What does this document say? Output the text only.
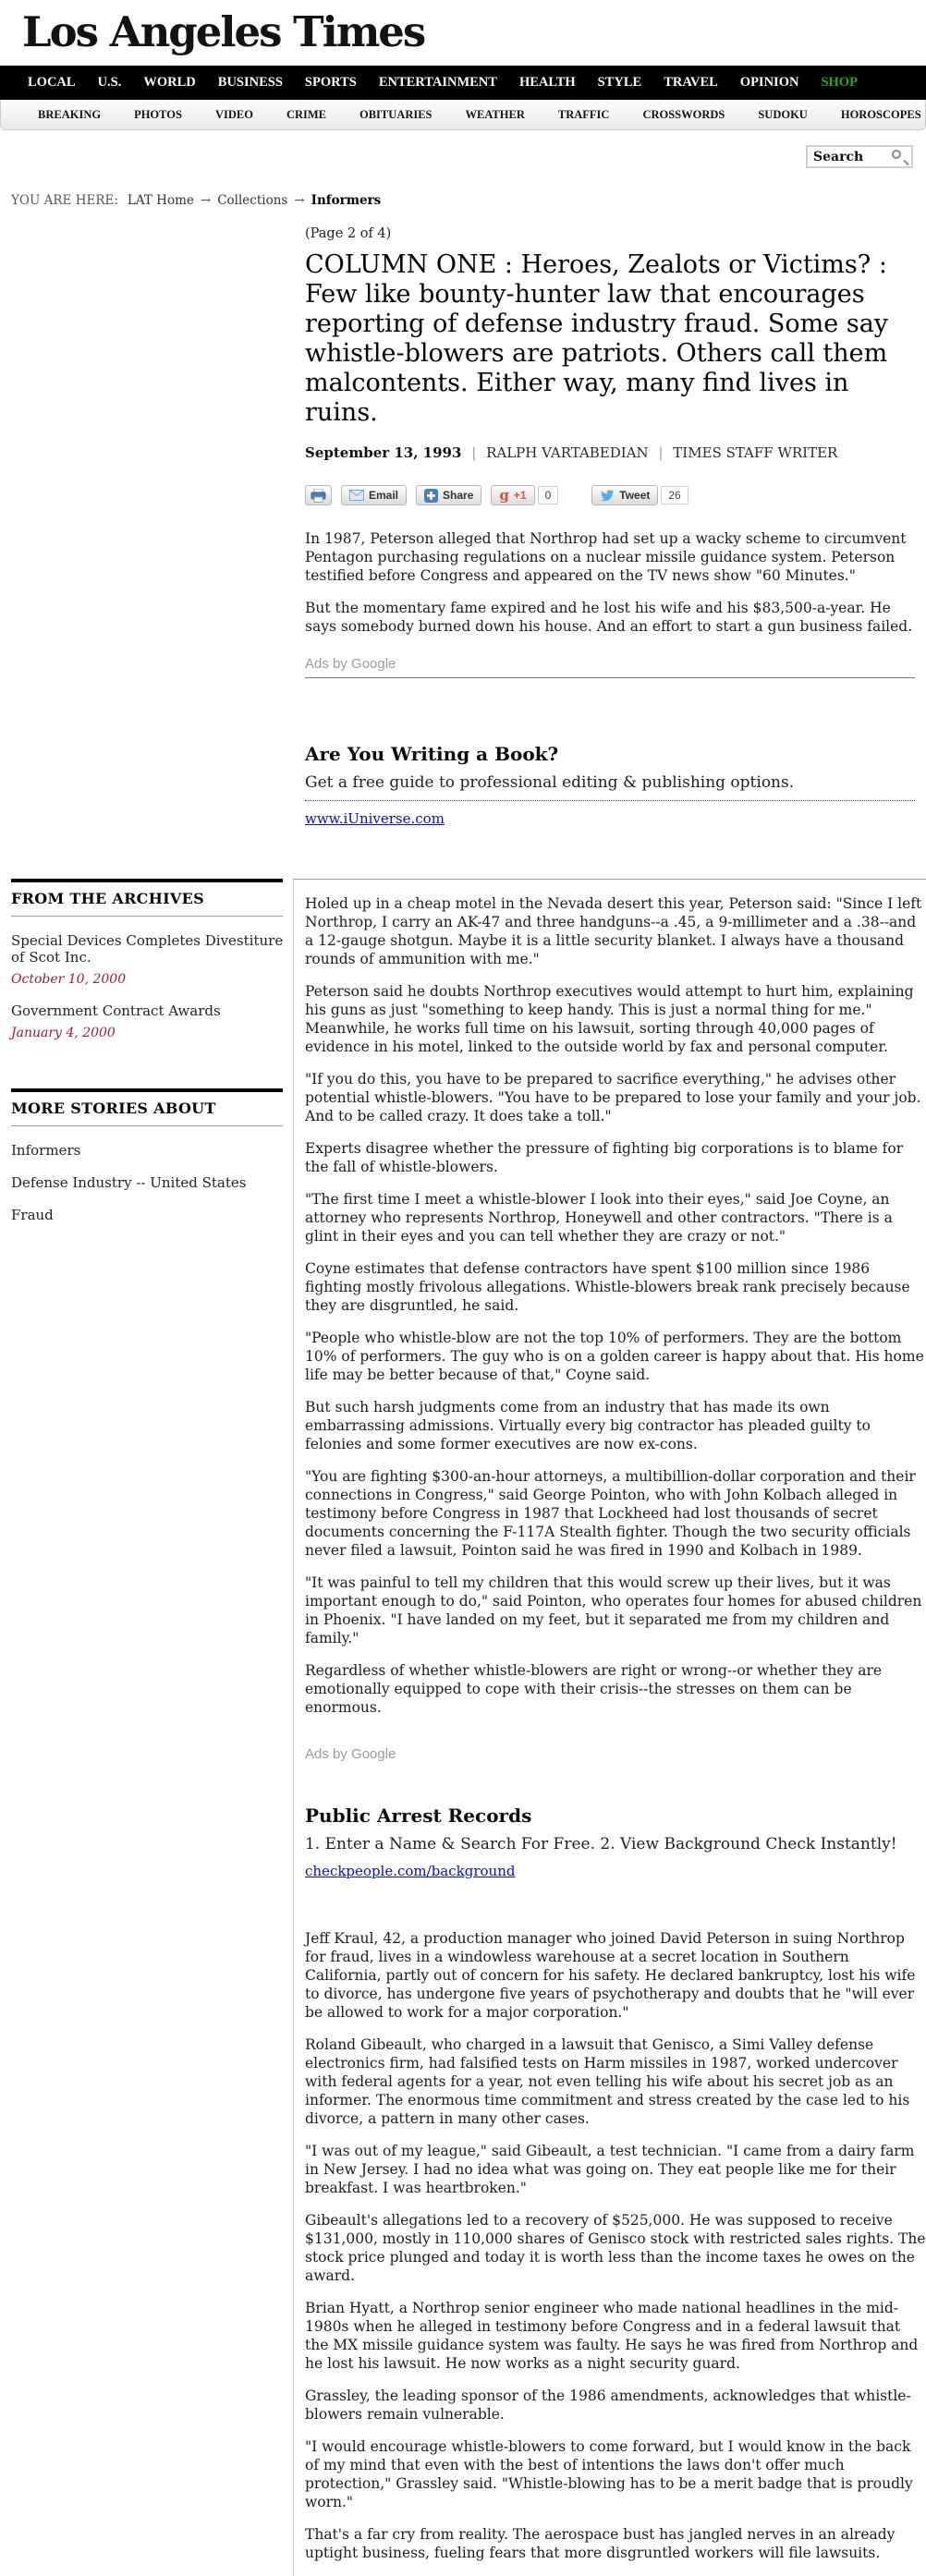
Los Angeles Times
LOCAL U.S. WORLD BUSINESS SPORTS ENTERTAINMENT HEALTH STYLE TRAVEL OPINION SHOP
BREAKING	PHOTOS	VIDEO	CRIME	OBITUARIES	WEATHER	TRAFFIC	CROSSWORDS	SUDOKU	HOROSCOPES
Search
YOU ARE HERE: LAT Home → Collections → Informers
(Page 2 of 4)
COLUMN ONE : Heroes, Zealots or Victims? : Few like bounty-hunter law that encourages reporting of defense industry fraud. Some say whistle-blowers are patriots. Others call them malcontents. Either way, many find lives in ruins.
September 13, 1993 | RALPH VARTABEDIAN | TIMES STAFF WRITER
Email	Share g +1	0	Tweet	26

In 1987, Peterson alleged that Northrop had set up a wacky scheme to circumvent Pentagon purchasing regulations on a nuclear missile guidance system. Peterson testified before Congress and appeared on the TV news show "60 Minutes."

But the momentary fame expired and he lost his wife and his $83,500-a-year. He says somebody burned down his house. And an effort to start a gun business failed.

Ads by Google
Are You Writing a Book?
Get a free guide to professional editing & publishing options.
www.iUniverse.com
FROM THE ARCHIVES
Special Devices Completes Divestiture of Scot Inc.
October 10, 2000
Government Contract Awards
January 4, 2000
MORE STORIES ABOUT
Informers
Defense Industry -- United States
Fraud

Holed up in a cheap motel in the Nevada desert this year, Peterson said: "Since I left Northrop, I carry an AK-47 and three handguns--a .45, a 9-millimeter and a .38--and a 12-gauge shotgun. Maybe it is a little security blanket. I always have a thousand rounds of ammunition with me."

Peterson said he doubts Northrop executives would attempt to hurt him, explaining his guns as just "something to keep handy. This is just a normal thing for me." Meanwhile, he works full time on his lawsuit, sorting through 40,000 pages of evidence in his motel, linked to the outside world by fax and personal computer.

"If you do this, you have to be prepared to sacrifice everything," he advises other potential whistle-blowers. "You have to be prepared to lose your family and your job. And to be called crazy. It does take a toll."

Experts disagree whether the pressure of fighting big corporations is to blame for the fall of whistle-blowers.

"The first time I meet a whistle-blower I look into their eyes," said Joe Coyne, an attorney who represents Northrop, Honeywell and other contractors. "There is a glint in their eyes and you can tell whether they are crazy or not."

Coyne estimates that defense contractors have spent $100 million since 1986 fighting mostly frivolous allegations. Whistle-blowers break rank precisely because they are disgruntled, he said.

"People who whistle-blow are not the top 10% of performers. They are the bottom 10% of performers. The guy who is on a golden career is happy about that. His home life may be better because of that," Coyne said.

But such harsh judgments come from an industry that has made its own embarrassing admissions. Virtually every big contractor has pleaded guilty to felonies and some former executives are now ex-cons.

"You are fighting $300-an-hour attorneys, a multibillion-dollar corporation and their connections in Congress," said George Pointon, who with John Kolbach alleged in testimony before Congress in 1987 that Lockheed had lost thousands of secret documents concerning the F-117A Stealth fighter. Though the two security officials never filed a lawsuit, Pointon said he was fired in 1990 and Kolbach in 1989.

"It was painful to tell my children that this would screw up their lives, but it was important enough to do," said Pointon, who operates four homes for abused children in Phoenix. "I have landed on my feet, but it separated me from my children and family."

Regardless of whether whistle-blowers are right or wrong--or whether they are emotionally equipped to cope with their crisis--the stresses on them can be enormous.

Ads by Google
Public Arrest Records
1. Enter a Name & Search For Free. 2. View Background Check Instantly!
checkpeople.com/background

Jeff Kraul, 42, a production manager who joined David Peterson in suing Northrop for fraud, lives in a windowless warehouse at a secret location in Southern California, partly out of concern for his safety. He declared bankruptcy, lost his wife to divorce, has undergone five years of psychotherapy and doubts that he "will ever be allowed to work for a major corporation."

Roland Gibeault, who charged in a lawsuit that Genisco, a Simi Valley defense electronics firm, had falsified tests on Harm missiles in 1987, worked undercover with federal agents for a year, not even telling his wife about his secret job as an informer. The enormous time commitment and stress created by the case led to his divorce, a pattern in many other cases.

"I was out of my league," said Gibeault, a test technician. "I came from a dairy farm in New Jersey. I had no idea what was going on. They eat people like me for their breakfast. I was heartbroken."

Gibeault's allegations led to a recovery of $525,000. He was supposed to receive $131,000, mostly in 110,000 shares of Genisco stock with restricted sales rights. The stock price plunged and today it is worth less than the income taxes he owes on the award.

Brian Hyatt, a Northrop senior engineer who made national headlines in the mid-1980s when he alleged in testimony before Congress and in a federal lawsuit that the MX missile guidance system was faulty. He says he was fired from Northrop and he lost his lawsuit. He now works as a night security guard.

Grassley, the leading sponsor of the 1986 amendments, acknowledges that whistle-blowers remain vulnerable.

"I would encourage whistle-blowers to come forward, but I would know in the back of my mind that even with the best of intentions the laws don't offer much protection," Grassley said. "Whistle-blowing has to be a merit badge that is proudly worn."

That's a far cry from reality. The aerospace bust has jangled nerves in an already uptight business, fueling fears that more disgruntled workers will file lawsuits.
